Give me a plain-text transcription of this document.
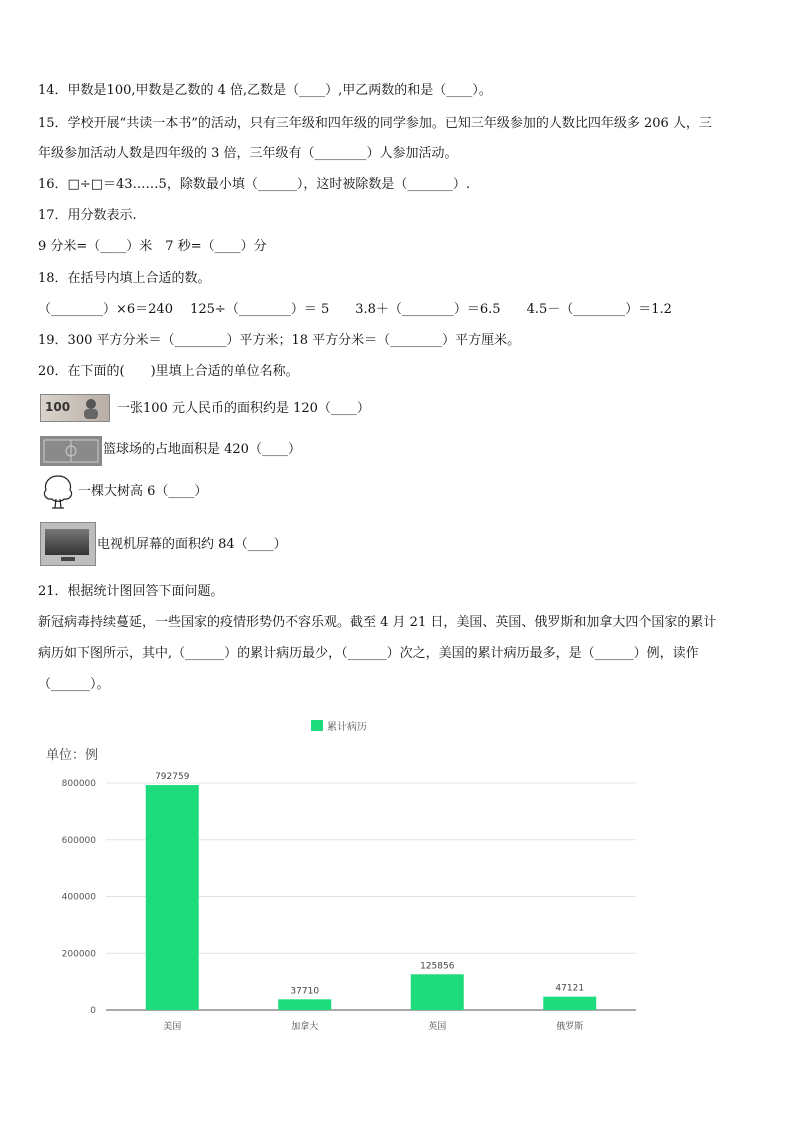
14．甲数是100,甲数是乙数的 4 倍,乙数是（____）,甲乙两数的和是（____）。
15．学校开展“共读一本书”的活动，只有三年级和四年级的同学参加。已知三年级参加的人数比四年级多 206 人，三
年级参加活动人数是四年级的 3 倍，三年级有（________）人参加活动。
16．□÷□＝43……5，除数最小填（______），这时被除数是（_______）.
17．用分数表示.
9 分米=（____）米　7 秒=（____）分
18．在括号内填上合适的数。
（________）×6＝240　 125÷（________）＝ 5　　3.8＋（________）＝6.5　　4.5－（________）＝1.2
19．300 平方分米＝（________）平方米；18 平方分米＝（________）平方厘米。
20．在下面的(　　)里填上合适的单位名称。
100	一张100 元人民币的面积约是 120（____）
篮球场的占地面积是 420（____）
一棵大树高 6（____）
电视机屏幕的面积约 84（____）
21．根据统计图回答下面问题。
新冠病毒持续蔓延，一些国家的疫情形势仍不容乐观。截至 4 月 21 日，美国、英国、俄罗斯和加拿大四个国家的累计
病历如下图所示，其中,（______）的累计病历最少，（______）次之，美国的累计病历最多，是（______）例，读作
（______）。
累计病历
单位：例
0
200000
400000
600000
800000
792759
美国
37710
加拿大
125856
英国
47121
俄罗斯
